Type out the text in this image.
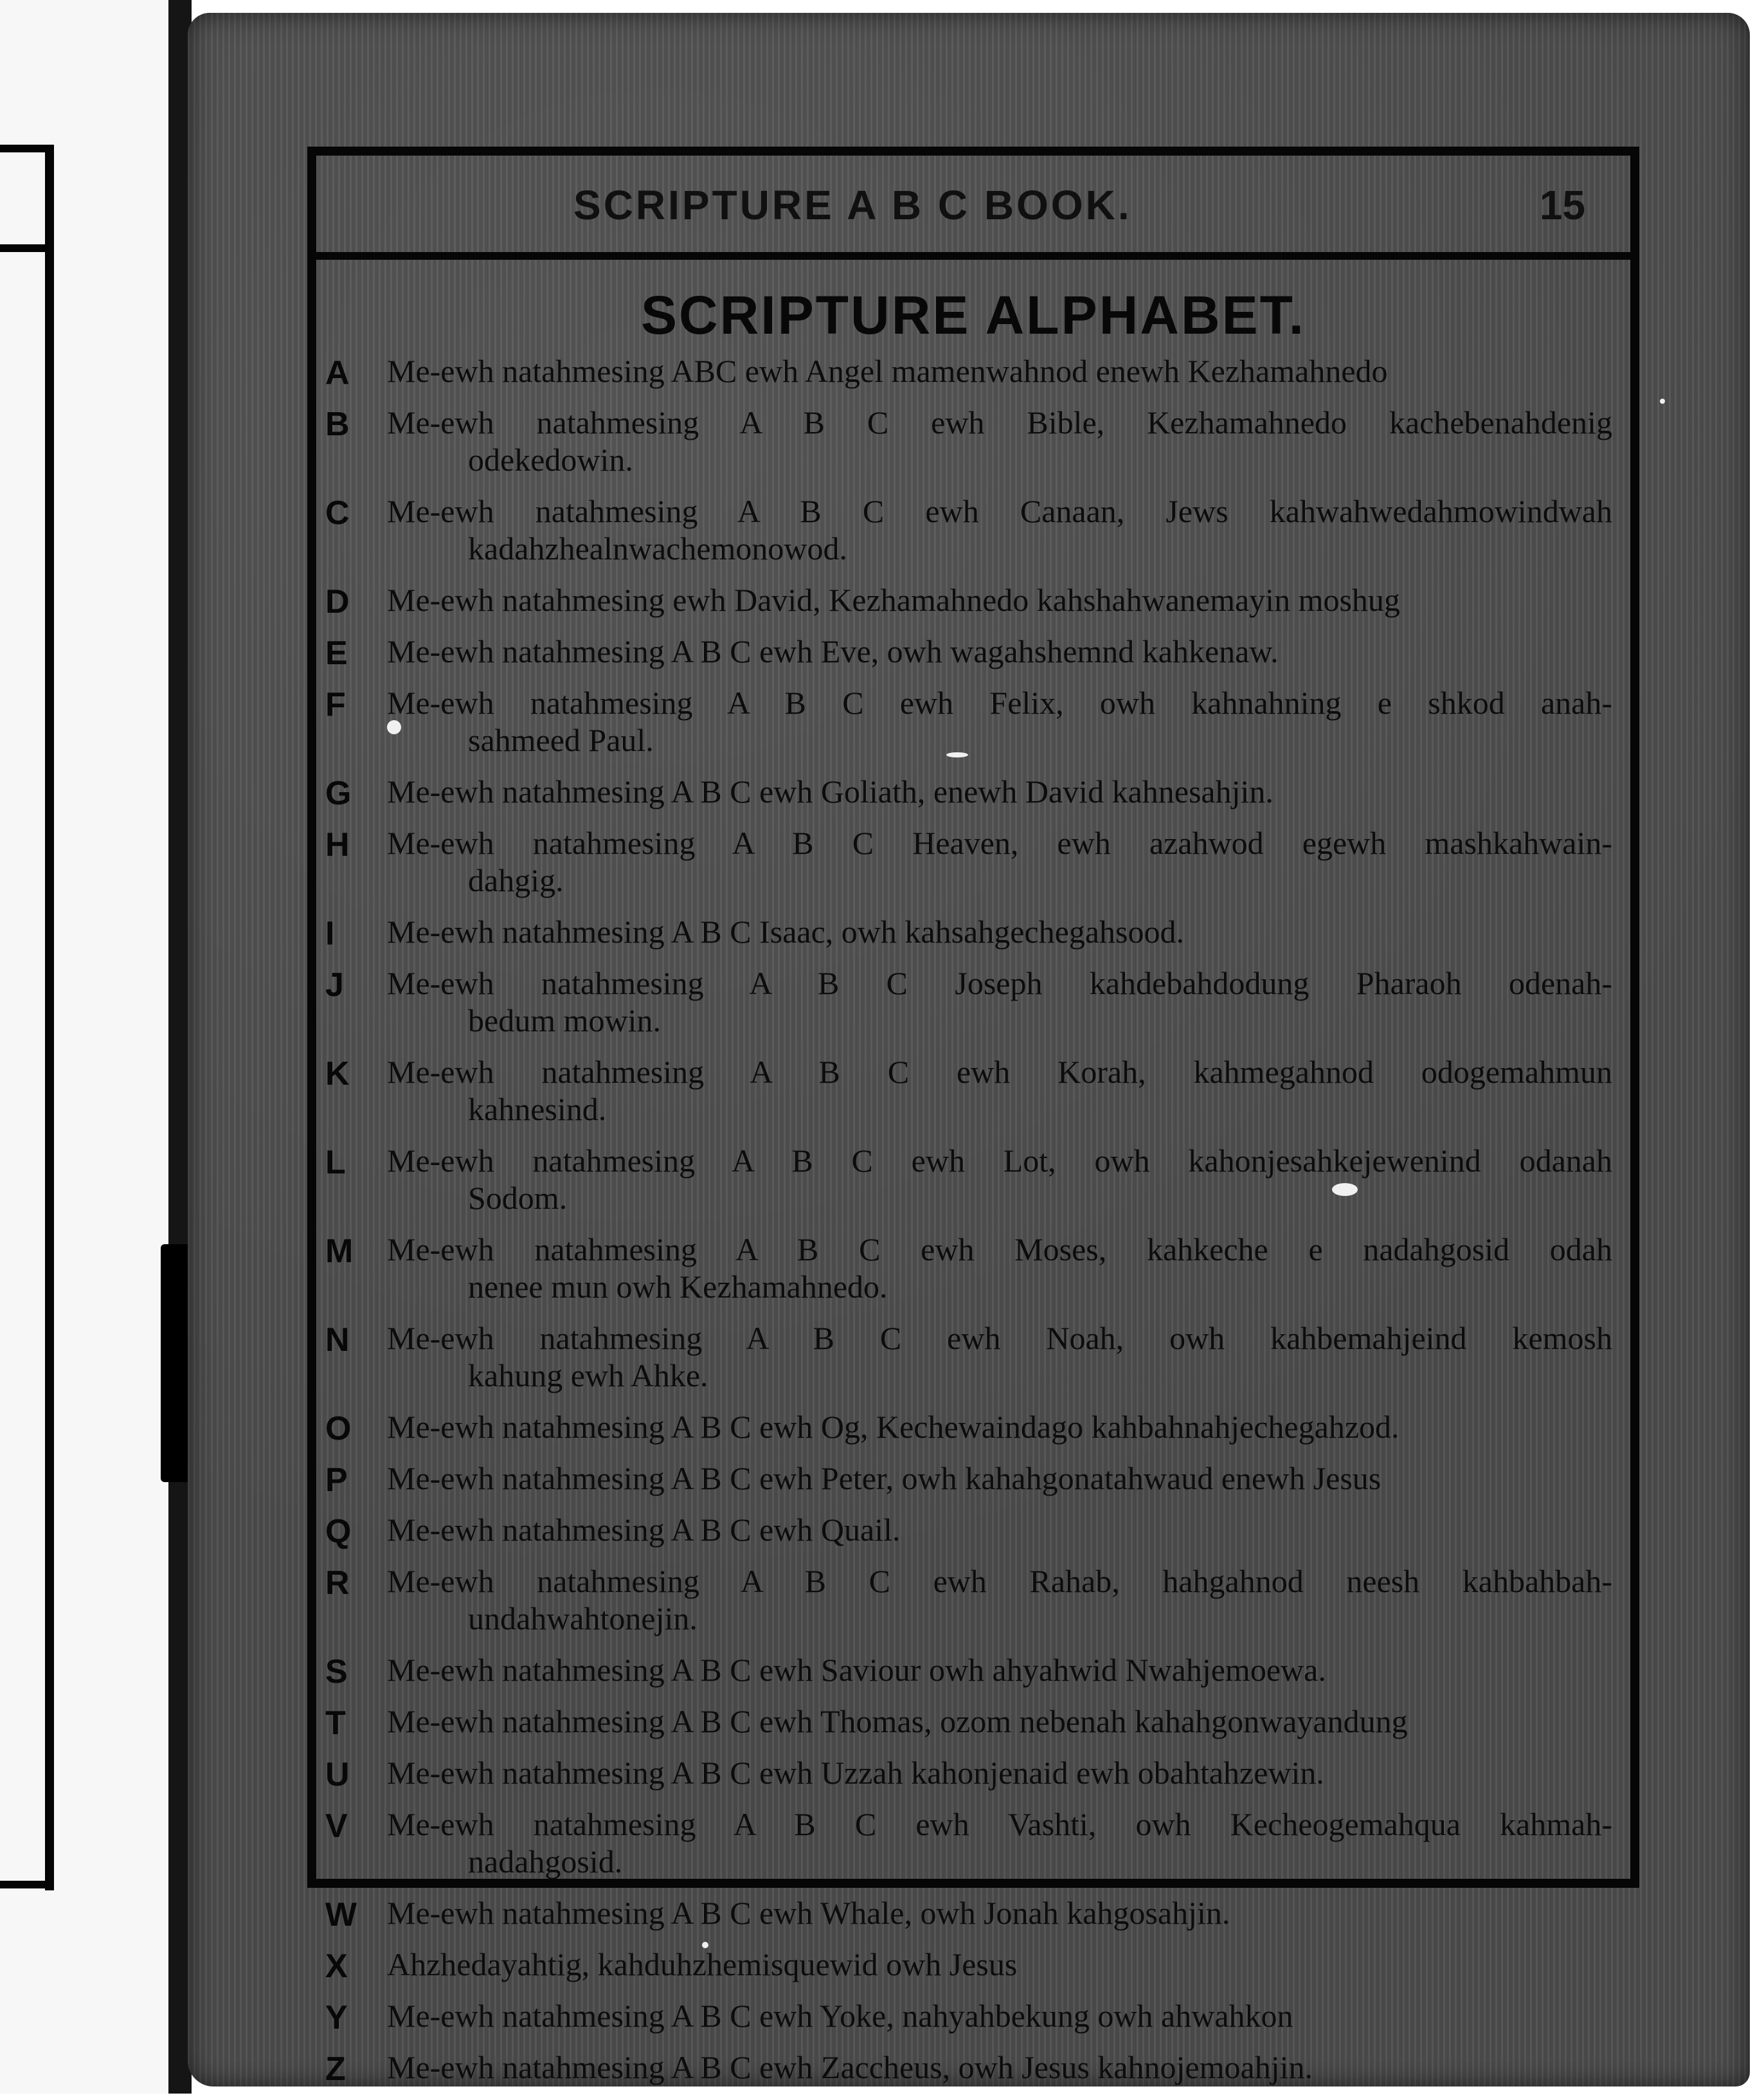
SCRIPTURE A B C BOOK.	15
SCRIPTURE ALPHABET.
A Me-ewh natahmesing ABC ewh Angel mamenwahnod enewh Kezhamahnedo
B Me-ewh natahmesing A B C ewh Bible, Kezhamahnedo kachebenahdenig
odekedowin.
C Me-ewh natahmesing A B C ewh Canaan, Jews kahwahwedahmowindwah
kadahzhealnwachemonowod.
D Me-ewh natahmesing ewh David, Kezhamahnedo kahshahwanemayin moshug
E Me-ewh natahmesing A B C ewh Eve, owh wagahshemnd kahkenaw.
F Me-ewh natahmesing A B C ewh Felix, owh kahnahning e shkod anah-
sahmeed Paul.
G Me-ewh natahmesing A B C ewh Goliath, enewh David kahnesahjin.
H Me-ewh natahmesing A B C Heaven, ewh azahwod egewh mashkahwain-
dahgig.
I Me-ewh natahmesing A B C Isaac, owh kahsahgechegahsood.
J Me-ewh natahmesing A B C Joseph kahdebahdodung Pharaoh odenah-
bedum mowin.
K Me-ewh natahmesing A B C ewh Korah, kahmegahnod odogemahmun
kahnesind.
L Me-ewh natahmesing A B C ewh Lot, owh kahonjesahkejewenind odanah
Sodom.
M Me-ewh natahmesing A B C ewh Moses, kahkeche e nadahgosid odah
nenee mun owh Kezhamahnedo.
N Me-ewh natahmesing A B C ewh Noah, owh kahbemahjeind kemosh
kahung ewh Ahke.
O Me-ewh natahmesing A B C ewh Og, Kechewaindago kahbahnahjechegahzod.
P Me-ewh natahmesing A B C ewh Peter, owh kahahgonatahwaud enewh Jesus
Q Me-ewh natahmesing A B C ewh Quail.
R Me-ewh natahmesing A B C ewh Rahab, hahgahnod neesh kahbahbah-
undahwahtonejin.
S Me-ewh natahmesing A B C ewh Saviour owh ahyahwid Nwahjemoewa.
T Me-ewh natahmesing A B C ewh Thomas, ozom nebenah kahahgonwayandung
U Me-ewh natahmesing A B C ewh Uzzah kahonjenaid ewh obahtahzewin.
V Me-ewh natahmesing A B C ewh Vashti, owh Kecheogemahqua kahmah-
nadahgosid.
W Me-ewh natahmesing A B C ewh Whale, owh Jonah kahgosahjin.
X Ahzhedayahtig, kahduhzhemisquewid owh Jesus
Y Me-ewh natahmesing A B C ewh Yoke, nahyahbekung owh ahwahkon
Z Me-ewh natahmesing A B C ewh Zaccheus, owh Jesus kahnojemoahjin.
